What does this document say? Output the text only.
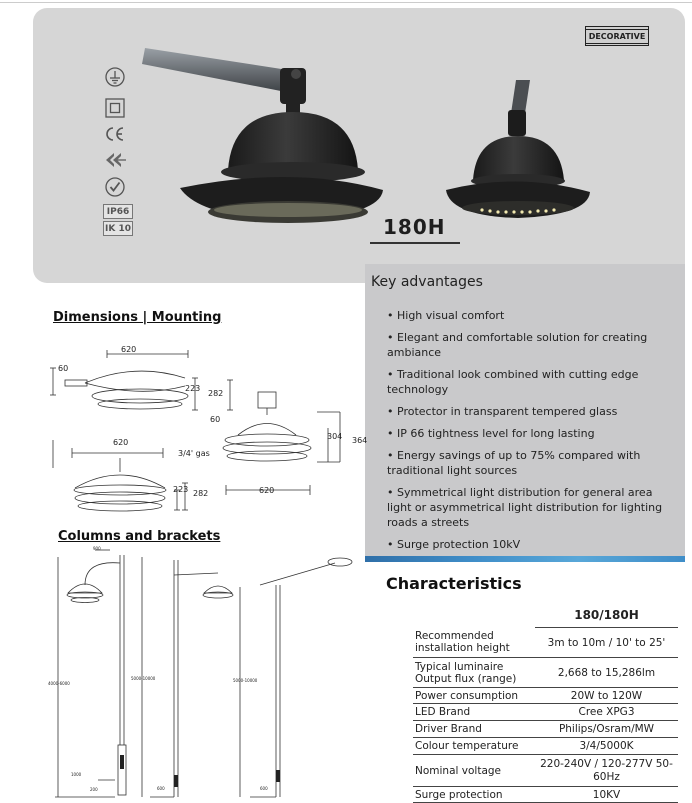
DECORATIVE
IP66
IK 10	180H
Key advantages
• High visual comfort
• Elegant and comfortable solution for creating ambiance
• Traditional look combined with cutting edge technology
• Protector in transparent tempered glass
• IP 66 tightness level for long lasting
• Energy savings of up to 75% compared with traditional light sources
• Symmetrical light distribution for general area light or asymmetrical light distribution for lighting roads a streets
• Surge protection 10kV
Dimensions | Mounting
620
60
223
282
60
620
3/4' gas
223 282
304 364
620
Columns and brackets
900
4000-6000
5000-10000	5000-10000
1000
200	600	600
Characteristics
	180/180H
Recommended installation height	3m to 10m / 10' to 25'
Typical luminaire Output flux (range)	2,668 to 15,286lm
Power consumption	20W to 120W
LED Brand	Cree XPG3
Driver Brand	Philips/Osram/MW
Colour temperature	3/4/5000K
Nominal voltage	220-240V / 120-277V 50-60Hz
Surge protection	10KV
